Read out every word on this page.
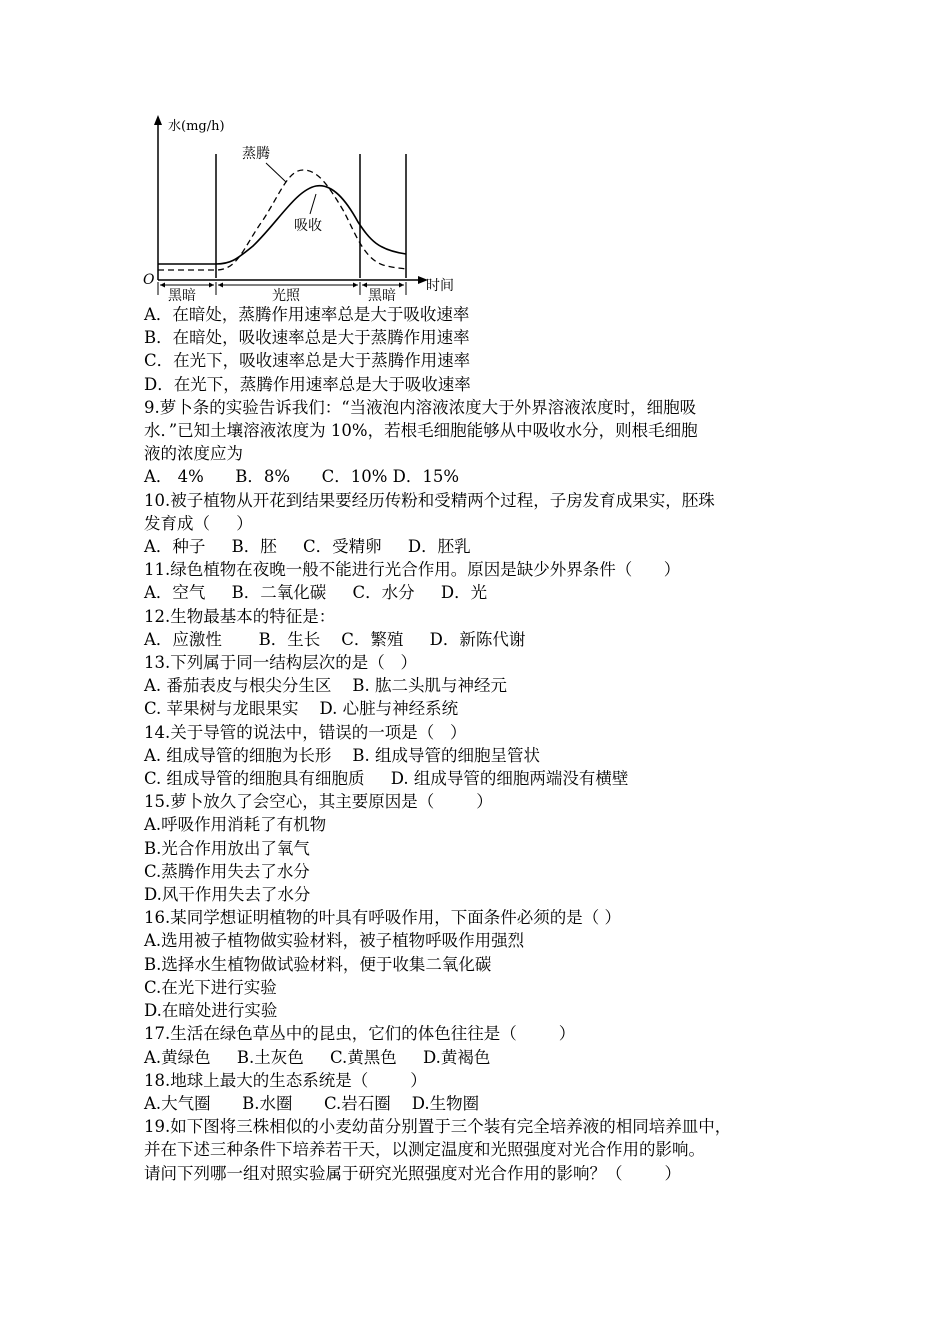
水(mg/h)
时间
O
黑暗	光照	黑暗
蒸腾
吸收

A．在暗处，蒸腾作用速率总是大于吸收速率

B．在暗处，吸收速率总是大于蒸腾作用速率

C．在光下，吸收速率总是大于蒸腾作用速率

D．在光下，蒸腾作用速率总是大于吸收速率

9.萝卜条的实验告诉我们：“当液泡内溶液浓度大于外界溶液浓度时，细胞吸

水．”已知土壤溶液浓度为 10%，若根毛细胞能够从中吸收水分，则根毛细胞

液的浓度应为

A． 4%      B．8%      C．10% D．15%

10.被子植物从开花到结果要经历传粉和受精两个过程，子房发育成果实，胚珠

发育成（     ）

A．种子     B．胚     C．受精卵     D．胚乳

11.绿色植物在夜晚一般不能进行光合作用。原因是缺少外界条件（      ）

A．空气     B．二氧化碳     C．水分     D．光

12.生物最基本的特征是：

A．应激性       B．生长    C．繁殖     D．新陈代谢

13.下列属于同一结构层次的是（   ）

A. 番茄表皮与根尖分生区    B. 肱二头肌与神经元

C. 苹果树与龙眼果实    D. 心脏与神经系统

14.关于导管的说法中，错误的一项是（   ）

A. 组成导管的细胞为长形    B. 组成导管的细胞呈管状

C. 组成导管的细胞具有细胞质     D. 组成导管的细胞两端没有横壁

15.萝卜放久了会空心，其主要原因是（        ）

A.呼吸作用消耗了有机物

B.光合作用放出了氧气

C.蒸腾作用失去了水分

D.风干作用失去了水分

16.某同学想证明植物的叶具有呼吸作用，下面条件必须的是（ ）

A.选用被子植物做实验材料，被子植物呼吸作用强烈

B.选择水生植物做试验材料，便于收集二氧化碳

C.在光下进行实验

D.在暗处进行实验

17.生活在绿色草丛中的昆虫，它们的体色往往是（        ）

A.黄绿色     B.土灰色     C.黄黑色     D.黄褐色

18.地球上最大的生态系统是（        ）

A.大气圈      B.水圈      C.岩石圈    D.生物圈

19.如下图将三株相似的小麦幼苗分别置于三个装有完全培养液的相同培养皿中，

并在下述三种条件下培养若干天，以测定温度和光照强度对光合作用的影响。

请问下列哪一组对照实验属于研究光照强度对光合作用的影响？（        ）
